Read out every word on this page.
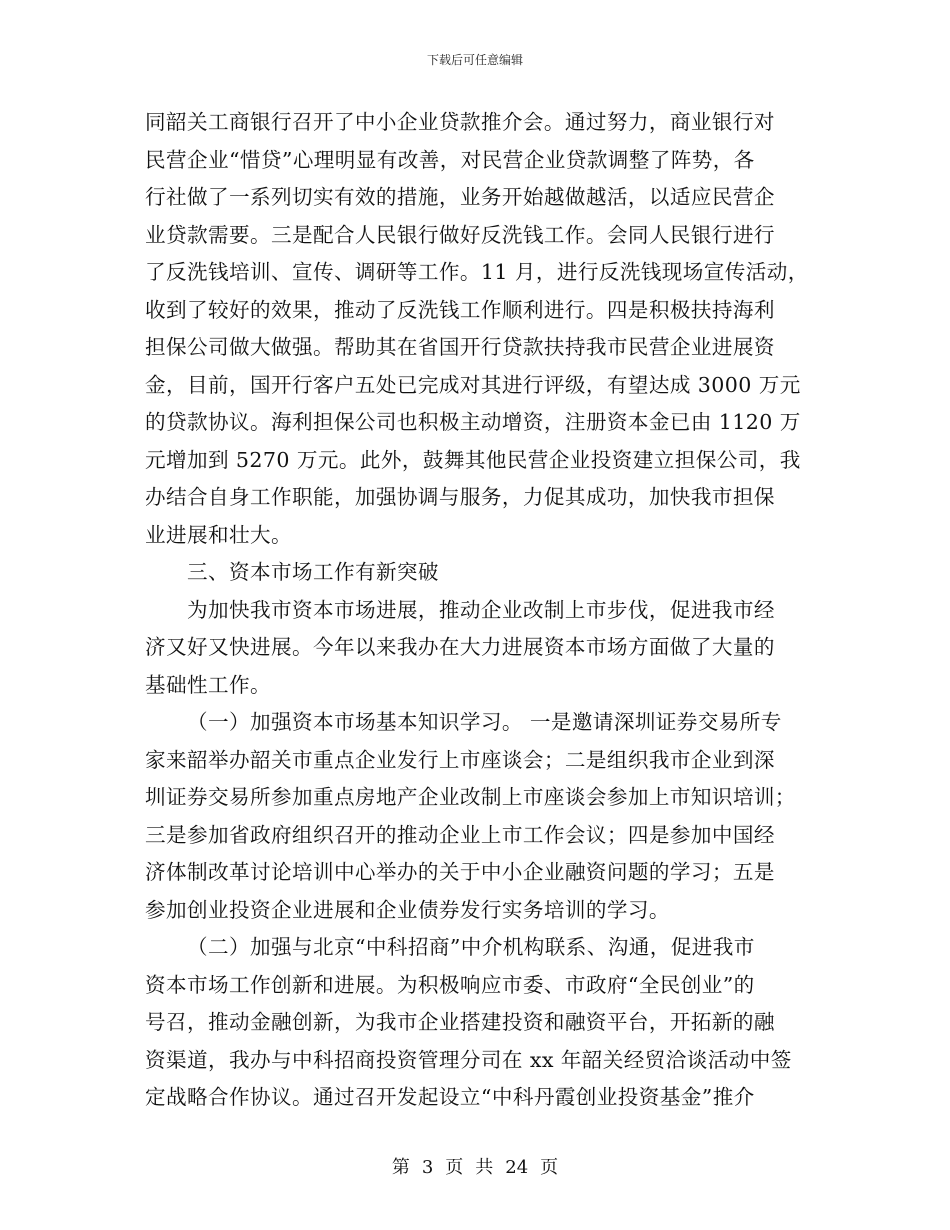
下载后可任意编辑
同韶关工商银行召开了中小企业贷款推介会。通过努力，商业银行对
民营企业“惜贷”心理明显有改善，对民营企业贷款调整了阵势，各
行社做了一系列切实有效的措施，业务开始越做越活，以适应民营企
业贷款需要。三是配合人民银行做好反洗钱工作。会同人民银行进行
了反洗钱培训、宣传、调研等工作。11 月，进行反洗钱现场宣传活动，
收到了较好的效果，推动了反洗钱工作顺利进行。四是积极扶持海利
担保公司做大做强。帮助其在省国开行贷款扶持我市民营企业进展资
金，目前，国开行客户五处已完成对其进行评级，有望达成 3000 万元
的贷款协议。海利担保公司也积极主动增资，注册资本金已由 1120 万
元增加到 5270 万元。此外，鼓舞其他民营企业投资建立担保公司，我
办结合自身工作职能，加强协调与服务，力促其成功，加快我市担保
业进展和壮大。
三、资本市场工作有新突破
为加快我市资本市场进展，推动企业改制上市步伐，促进我市经
济又好又快进展。今年以来我办在大力进展资本市场方面做了大量的
基础性工作。
（一）加强资本市场基本知识学习。 一是邀请深圳证券交易所专
家来韶举办韶关市重点企业发行上市座谈会；二是组织我市企业到深
圳证券交易所参加重点房地产企业改制上市座谈会参加上市知识培训；
三是参加省政府组织召开的推动企业上市工作会议；四是参加中国经
济体制改革讨论培训中心举办的关于中小企业融资问题的学习；五是
参加创业投资企业进展和企业债券发行实务培训的学习。
（二）加强与北京“中科招商”中介机构联系、沟通，促进我市
资本市场工作创新和进展。为积极响应市委、市政府“全民创业”的
号召，推动金融创新，为我市企业搭建投资和融资平台，开拓新的融
资渠道，我办与中科招商投资管理分司在 xx 年韶关经贸洽谈活动中签
定战略合作协议。通过召开发起设立“中科丹霞创业投资基金”推介
第 3 页 共 24 页
